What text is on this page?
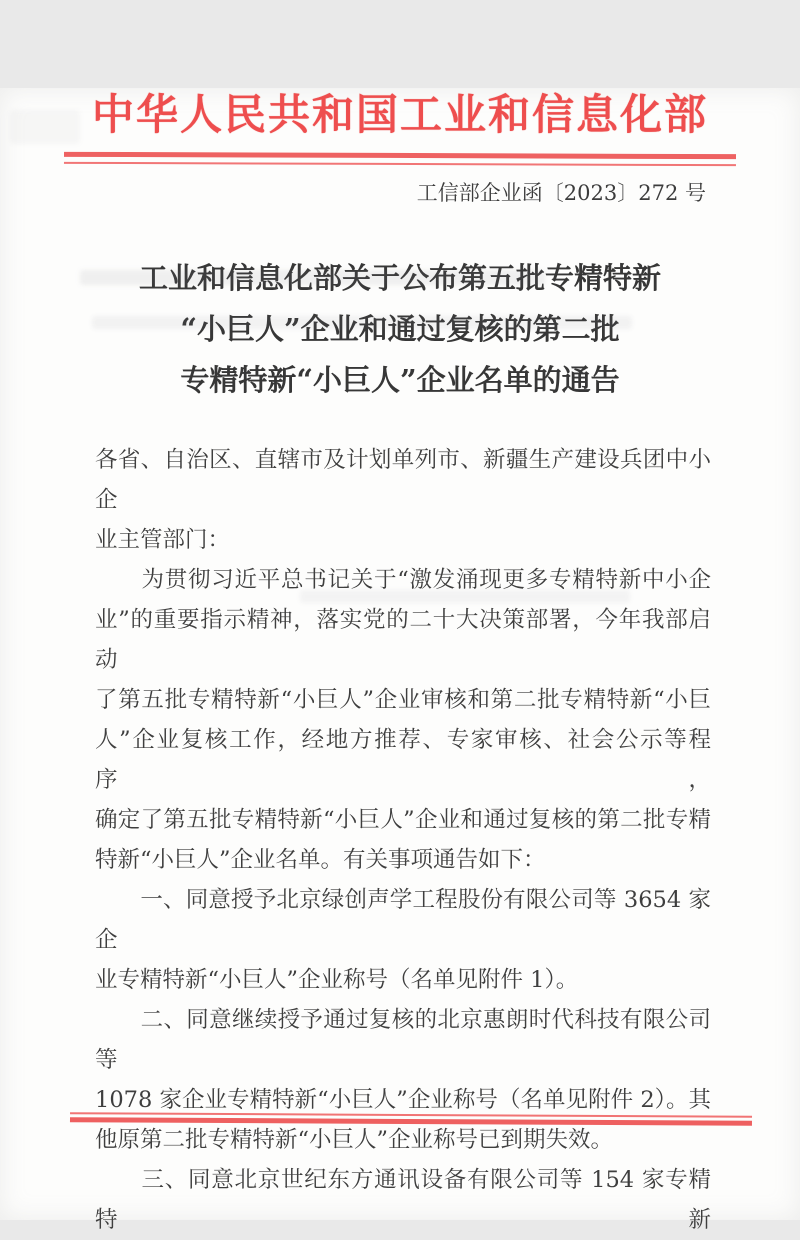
中华人民共和国工业和信息化部
工信部企业函〔2023〕272 号
工业和信息化部关于公布第五批专精特新
“小巨人”企业和通过复核的第二批
专精特新“小巨人”企业名单的通告
各省、自治区、直辖市及计划单列市、新疆生产建设兵团中小企
业主管部门：
　　为贯彻习近平总书记关于“激发涌现更多专精特新中小企
业”的重要指示精神，落实党的二十大决策部署，今年我部启动
了第五批专精特新“小巨人”企业审核和第二批专精特新“小巨
人”企业复核工作，经地方推荐、专家审核、社会公示等程序，
确定了第五批专精特新“小巨人”企业和通过复核的第二批专精
特新“小巨人”企业名单。有关事项通告如下：
　　一、同意授予北京绿创声学工程股份有限公司等 3654 家企
业专精特新“小巨人”企业称号（名单见附件 1）。
　　二、同意继续授予通过复核的北京惠朗时代科技有限公司等
1078 家企业专精特新“小巨人”企业称号（名单见附件 2）。其
他原第二批专精特新“小巨人”企业称号已到期失效。
　　三、同意北京世纪东方通讯设备有限公司等 154 家专精特新
